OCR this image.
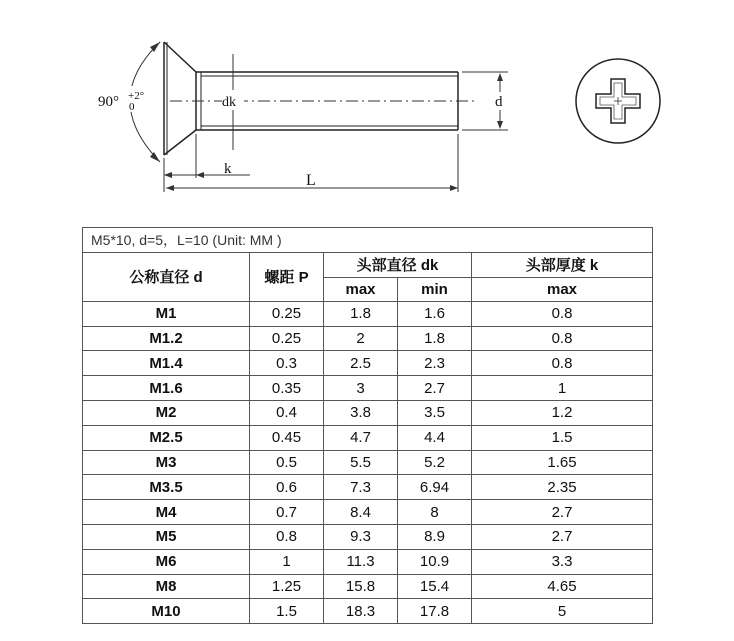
90° +2°
0	dk	d
k
L
M5*10, d=5，L=10 (Unit: MM )				
公称直径 d	螺距 P	头部直径 dk		头部厚度 k
		max	min	max
M1	0.25	1.8	1.6	0.8
M1.2	0.25	2	1.8	0.8
M1.4	0.3	2.5	2.3	0.8
M1.6	0.35	3	2.7	1
M2	0.4	3.8	3.5	1.2
M2.5	0.45	4.7	4.4	1.5
M3	0.5	5.5	5.2	1.65
M3.5	0.6	7.3	6.94	2.35
M4	0.7	8.4	8	2.7
M5	0.8	9.3	8.9	2.7
M6	1	11.3	10.9	3.3
M8	1.25	15.8	15.4	4.65
M10	1.5	18.3	17.8	5
